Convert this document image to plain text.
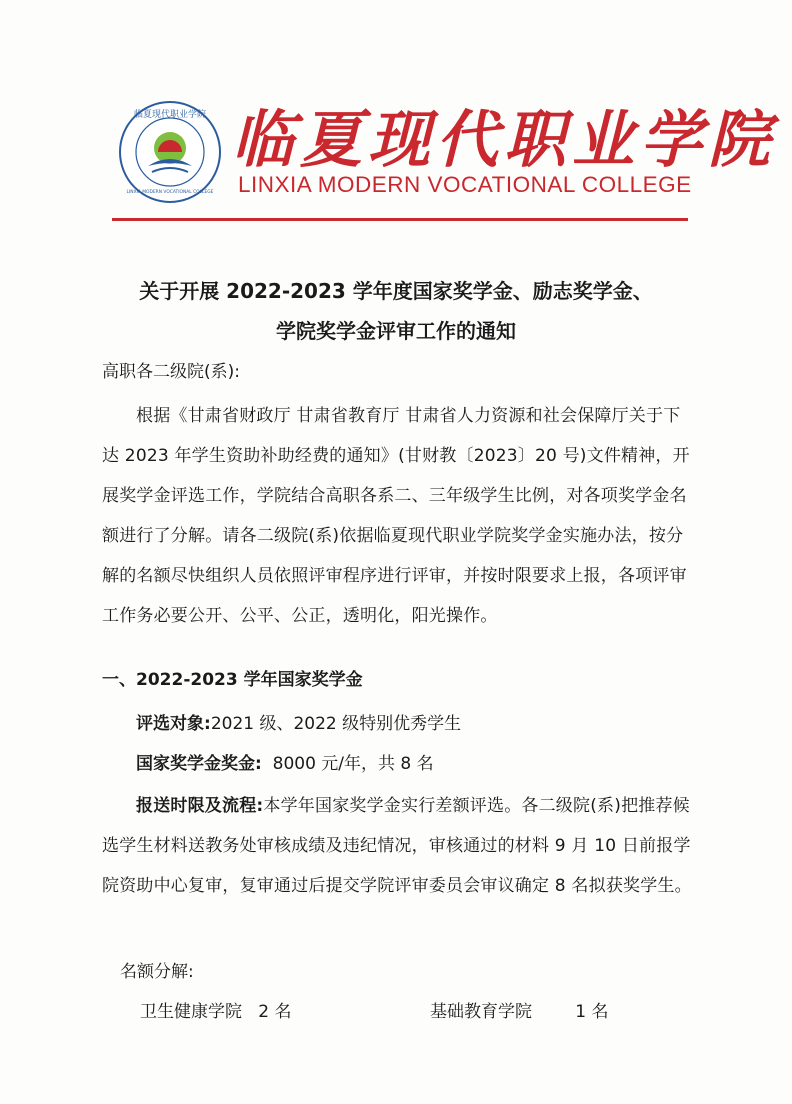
临夏现代职业学院
LINXIA MODERN VOCATIONAL COLLEGE
临夏现代职业学院
LINXIA MODERN VOCATIONAL COLLEGE
关于开展 2022-2023 学年度国家奖学金、励志奖学金、
学院奖学金评审工作的通知
高职各二级院(系):
根据《甘肃省财政厅 甘肃省教育厅 甘肃省人力资源和社会保障厅关于下达 2023 年学生资助补助经费的通知》(甘财教〔2023〕20 号)文件精神，开展奖学金评选工作，学院结合高职各系二、三年级学生比例，对各项奖学金名额进行了分解。请各二级院(系)依据临夏现代职业学院奖学金实施办法，按分解的名额尽快组织人员依照评审程序进行评审，并按时限要求上报，各项评审工作务必要公开、公平、公正，透明化，阳光操作。
一、2022-2023 学年国家奖学金
评选对象:2021 级、2022 级特别优秀学生
国家奖学金奖金: 8000 元/年，共 8 名
报送时限及流程:本学年国家奖学金实行差额评选。各二级院(系)把推荐候选学生材料送教务处审核成绩及违纪情况，审核通过的材料 9 月 10 日前报学院资助中心复审，复审通过后提交学院评审委员会审议确定 8 名拟获奖学生。
名额分解:
卫生健康学院 2 名	基础教育学院	1 名
